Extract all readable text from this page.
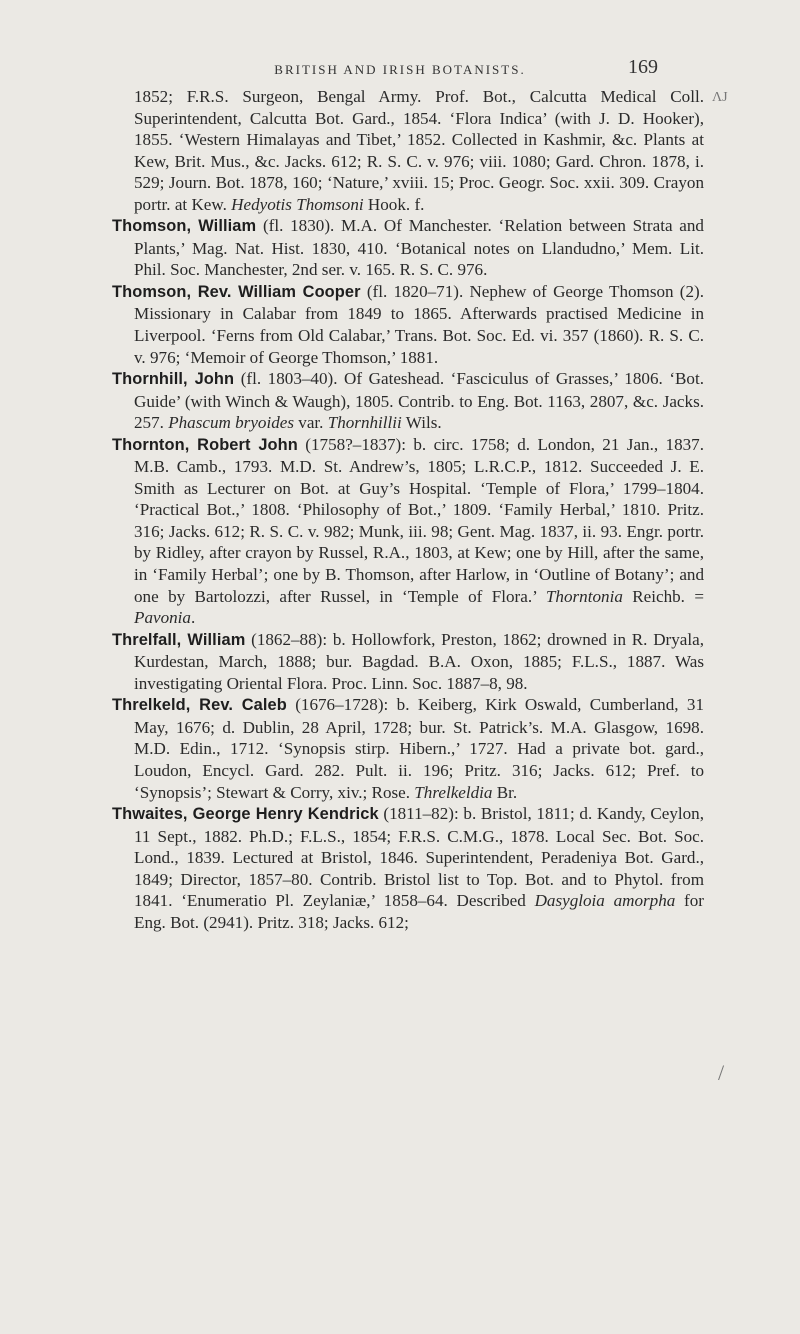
BRITISH AND IRISH BOTANISTS.	169
ɅJ
/

1852; F.R.S. Surgeon, Bengal Army. Prof. Bot., Calcutta Medical Coll. Superintendent, Calcutta Bot. Gard., 1854. ‘Flora Indica’ (with J. D. Hooker), 1855. ‘Western Himalayas and Tibet,’ 1852. Collected in Kashmir, &c. Plants at Kew, Brit. Mus., &c. Jacks. 612; R. S. C. v. 976; viii. 1080; Gard. Chron. 1878, i. 529; Journ. Bot. 1878, 160; ‘Nature,’ xviii. 15; Proc. Geogr. Soc. xxii. 309. Crayon portr. at Kew. Hedyotis Thomsoni Hook. f.

Thomson, William (fl. 1830). M.A. Of Manchester. ‘Relation between Strata and Plants,’ Mag. Nat. Hist. 1830, 410. ‘Botanical notes on Llandudno,’ Mem. Lit. Phil. Soc. Manchester, 2nd ser. v. 165. R. S. C. 976.

Thomson, Rev. William Cooper (fl. 1820–71). Nephew of George Thomson (2). Missionary in Calabar from 1849 to 1865. Afterwards practised Medicine in Liverpool. ‘Ferns from Old Calabar,’ Trans. Bot. Soc. Ed. vi. 357 (1860). R. S. C. v. 976; ‘Memoir of George Thomson,’ 1881.

Thornhill, John (fl. 1803–40). Of Gateshead. ‘Fasciculus of Grasses,’ 1806. ‘Bot. Guide’ (with Winch & Waugh), 1805. Contrib. to Eng. Bot. 1163, 2807, &c. Jacks. 257. Phascum bryoides var. Thornhillii Wils.

Thornton, Robert John (1758?–1837): b. circ. 1758; d. London, 21 Jan., 1837. M.B. Camb., 1793. M.D. St. Andrew’s, 1805; L.R.C.P., 1812. Succeeded J. E. Smith as Lecturer on Bot. at Guy’s Hospital. ‘Temple of Flora,’ 1799–1804. ‘Practical Bot.,’ 1808. ‘Philosophy of Bot.,’ 1809. ‘Family Herbal,’ 1810. Pritz. 316; Jacks. 612; R. S. C. v. 982; Munk, iii. 98; Gent. Mag. 1837, ii. 93. Engr. portr. by Ridley, after crayon by Russel, R.A., 1803, at Kew; one by Hill, after the same, in ‘Family Herbal’; one by B. Thomson, after Harlow, in ‘Outline of Botany’; and one by Bartolozzi, after Russel, in ‘Temple of Flora.’ Thorntonia Reichb. = Pavonia.

Threlfall, William (1862–88): b. Hollowfork, Preston, 1862; drowned in R. Dryala, Kurdestan, March, 1888; bur. Bagdad. B.A. Oxon, 1885; F.L.S., 1887. Was investigating Oriental Flora. Proc. Linn. Soc. 1887–8, 98.

Threlkeld, Rev. Caleb (1676–1728): b. Keiberg, Kirk Oswald, Cumberland, 31 May, 1676; d. Dublin, 28 April, 1728; bur. St. Patrick’s. M.A. Glasgow, 1698. M.D. Edin., 1712. ‘Synopsis stirp. Hibern.,’ 1727. Had a private bot. gard., Loudon, Encycl. Gard. 282. Pult. ii. 196; Pritz. 316; Jacks. 612; Pref. to ‘Synopsis’; Stewart & Corry, xiv.; Rose. Threlkeldia Br.

Thwaites, George Henry Kendrick (1811–82): b. Bristol, 1811; d. Kandy, Ceylon, 11 Sept., 1882. Ph.D.; F.L.S., 1854; F.R.S. C.M.G., 1878. Local Sec. Bot. Soc. Lond., 1839. Lectured at Bristol, 1846. Superintendent, Peradeniya Bot. Gard., 1849; Director, 1857–80. Contrib. Bristol list to Top. Bot. and to Phytol. from 1841. ‘Enumeratio Pl. Zeylaniæ,’ 1858–64. Described Dasygloia amorpha for Eng. Bot. (2941). Pritz. 318; Jacks. 612;
